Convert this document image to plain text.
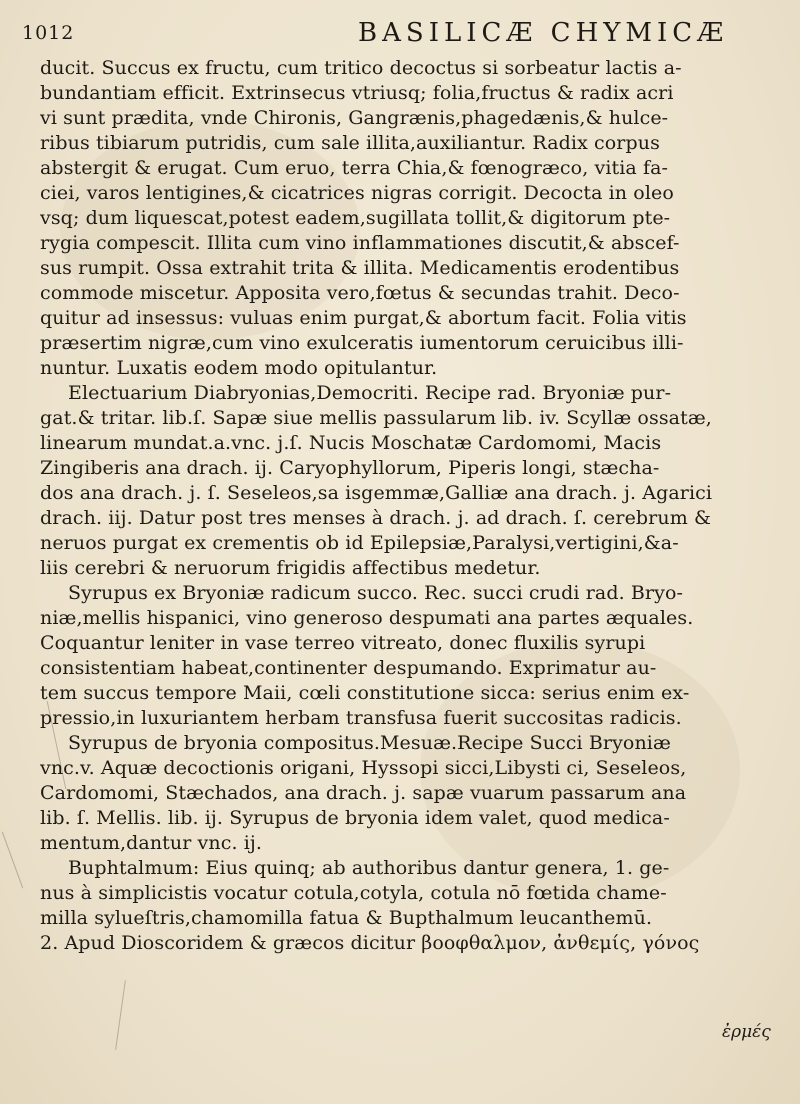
1012	BASILICÆ CHYMICÆ
ducit. Succus ex fructu, cum tritico decoctus si sorbeatur lactis a-
bundantiam efficit. Extrinsecus vtriusq; folia,fructus & radix acri
vi sunt prædita, vnde Chironis, Gangrænis,phagedænis,& hulce-
ribus tibiarum putridis, cum sale illita,auxiliantur. Radix corpus
abstergit & erugat. Cum eruo, terra Chia,& fœnogræco, vitia fa-
ciei, varos lentigines,& cicatrices nigras corrigit. Decocta in oleo
vsq; dum liquescat,potest eadem,sugillata tollit,& digitorum pte-
rygia compescit. Illita cum vino inflammationes discutit,& abscef-
sus rumpit. Ossa extrahit trita & illita. Medicamentis erodentibus
commode miscetur. Apposita vero,fœtus & secundas trahit. Deco-
quitur ad insessus: vuluas enim purgat,& abortum facit. Folia vitis
præsertim nigræ,cum vino exulceratis iumentorum ceruicibus illi-
nuntur. Luxatis eodem modo opitulantur.
Electuarium Diabryonias,Democriti. Recipe rad. Bryoniæ pur-
gat.& tritar. lib.ſ. Sapæ siue mellis passularum lib. iv. Scyllæ ossatæ,
linearum mundat.a.vnc. j.ſ. Nucis Moschatæ Cardomomi, Macis
Zingiberis ana drach. ij. Caryophyllorum, Piperis longi, stæcha-
dos ana drach. j. ſ. Seseleos,sa isgemmæ,Galliæ ana drach. j. Agarici
drach. iij. Datur post tres menses à drach. j. ad drach. ſ. cerebrum &
neruos purgat ex crementis ob id Epilepsiæ,Paralysi,vertigini,&a-
liis cerebri & neruorum frigidis affectibus medetur.
Syrupus ex Bryoniæ radicum succo. Rec. succi crudi rad. Bryo-
niæ,mellis hispanici, vino generoso despumati ana partes æquales.
Coquantur leniter in vase terreo vitreato, donec fluxilis syrupi
consistentiam habeat,continenter despumando. Exprimatur au-
tem succus tempore Maii, cœli constitutione sicca: serius enim ex-
pressio,in luxuriantem herbam transfusa fuerit succositas radicis.
Syrupus de bryonia compositus.Mesuæ.Recipe Succi Bryoniæ
vnc.v. Aquæ decoctionis origani, Hyssopi sicci,Libysti ci, Seseleos,
Cardomomi, Stæchados, ana drach. j. sapæ vuarum passarum ana
lib. ſ. Mellis. lib. ij. Syrupus de bryonia idem valet, quod medica-
mentum,dantur vnc. ij.
Buphtalmum: Eius quinq; ab authoribus dantur genera, 1. ge-
nus à simplicistis vocatur cotula,cotyla, cotula nō fœtida chame-
milla sylueſtris,chamomilla fatua & Bupthalmum leucanthemū.
2. Apud Dioscoridem & græcos dicitur βοοφθαλμον, ἀνθεμίς, γόνος
ἐρμές
